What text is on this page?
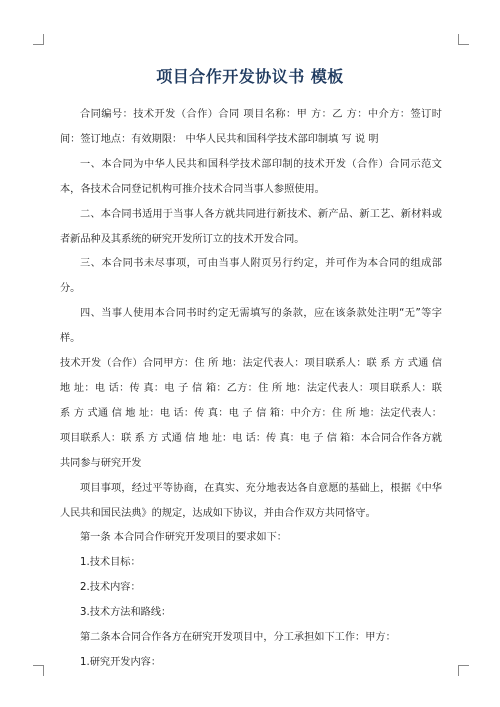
项目合作开发协议书 模板

合同编号：技术开发（合作）合同 项目名称：甲 方：乙 方：中介方：签订时间：签订地点：有效期限： 中华人民共和国科学技术部印制填 写 说 明

一、本合同为中华人民共和国科学技术部印制的技术开发（合作）合同示范文本，各技术合同登记机构可推介技术合同当事人参照使用。

二、本合同书适用于当事人各方就共同进行新技术、新产品、新工艺、新材料或者新品种及其系统的研究开发所订立的技术开发合同。

三、本合同书未尽事项，可由当事人附页另行约定，并可作为本合同的组成部分。

四、当事人使用本合同书时约定无需填写的条款，应在该条款处注明“无”等字样。

技术开发（合作）合同甲方：住 所 地：法定代表人：项目联系人：联 系 方 式通 信 地 址：电 话：传 真：电 子 信 箱：乙方：住 所 地：法定代表人：项目联系人：联 系 方 式通 信 地 址：电 话：传 真：电 子 信 箱：中介方：住 所 地：法定代表人：项目联系人：联 系 方 式通 信 地 址：电 话：传 真：电 子 信 箱：本合同合作各方就共同参与研究开发

项目事项，经过平等协商，在真实、充分地表达各自意愿的基础上，根据《中华人民共和国民法典》的规定，达成如下协议，并由合作双方共同恪守。

第一条 本合同合作研究开发项目的要求如下：

1.技术目标：

2.技术内容：

3.技术方法和路线：

第二条本合同合作各方在研究开发项目中，分工承担如下工作：甲方：

1.研究开发内容：
